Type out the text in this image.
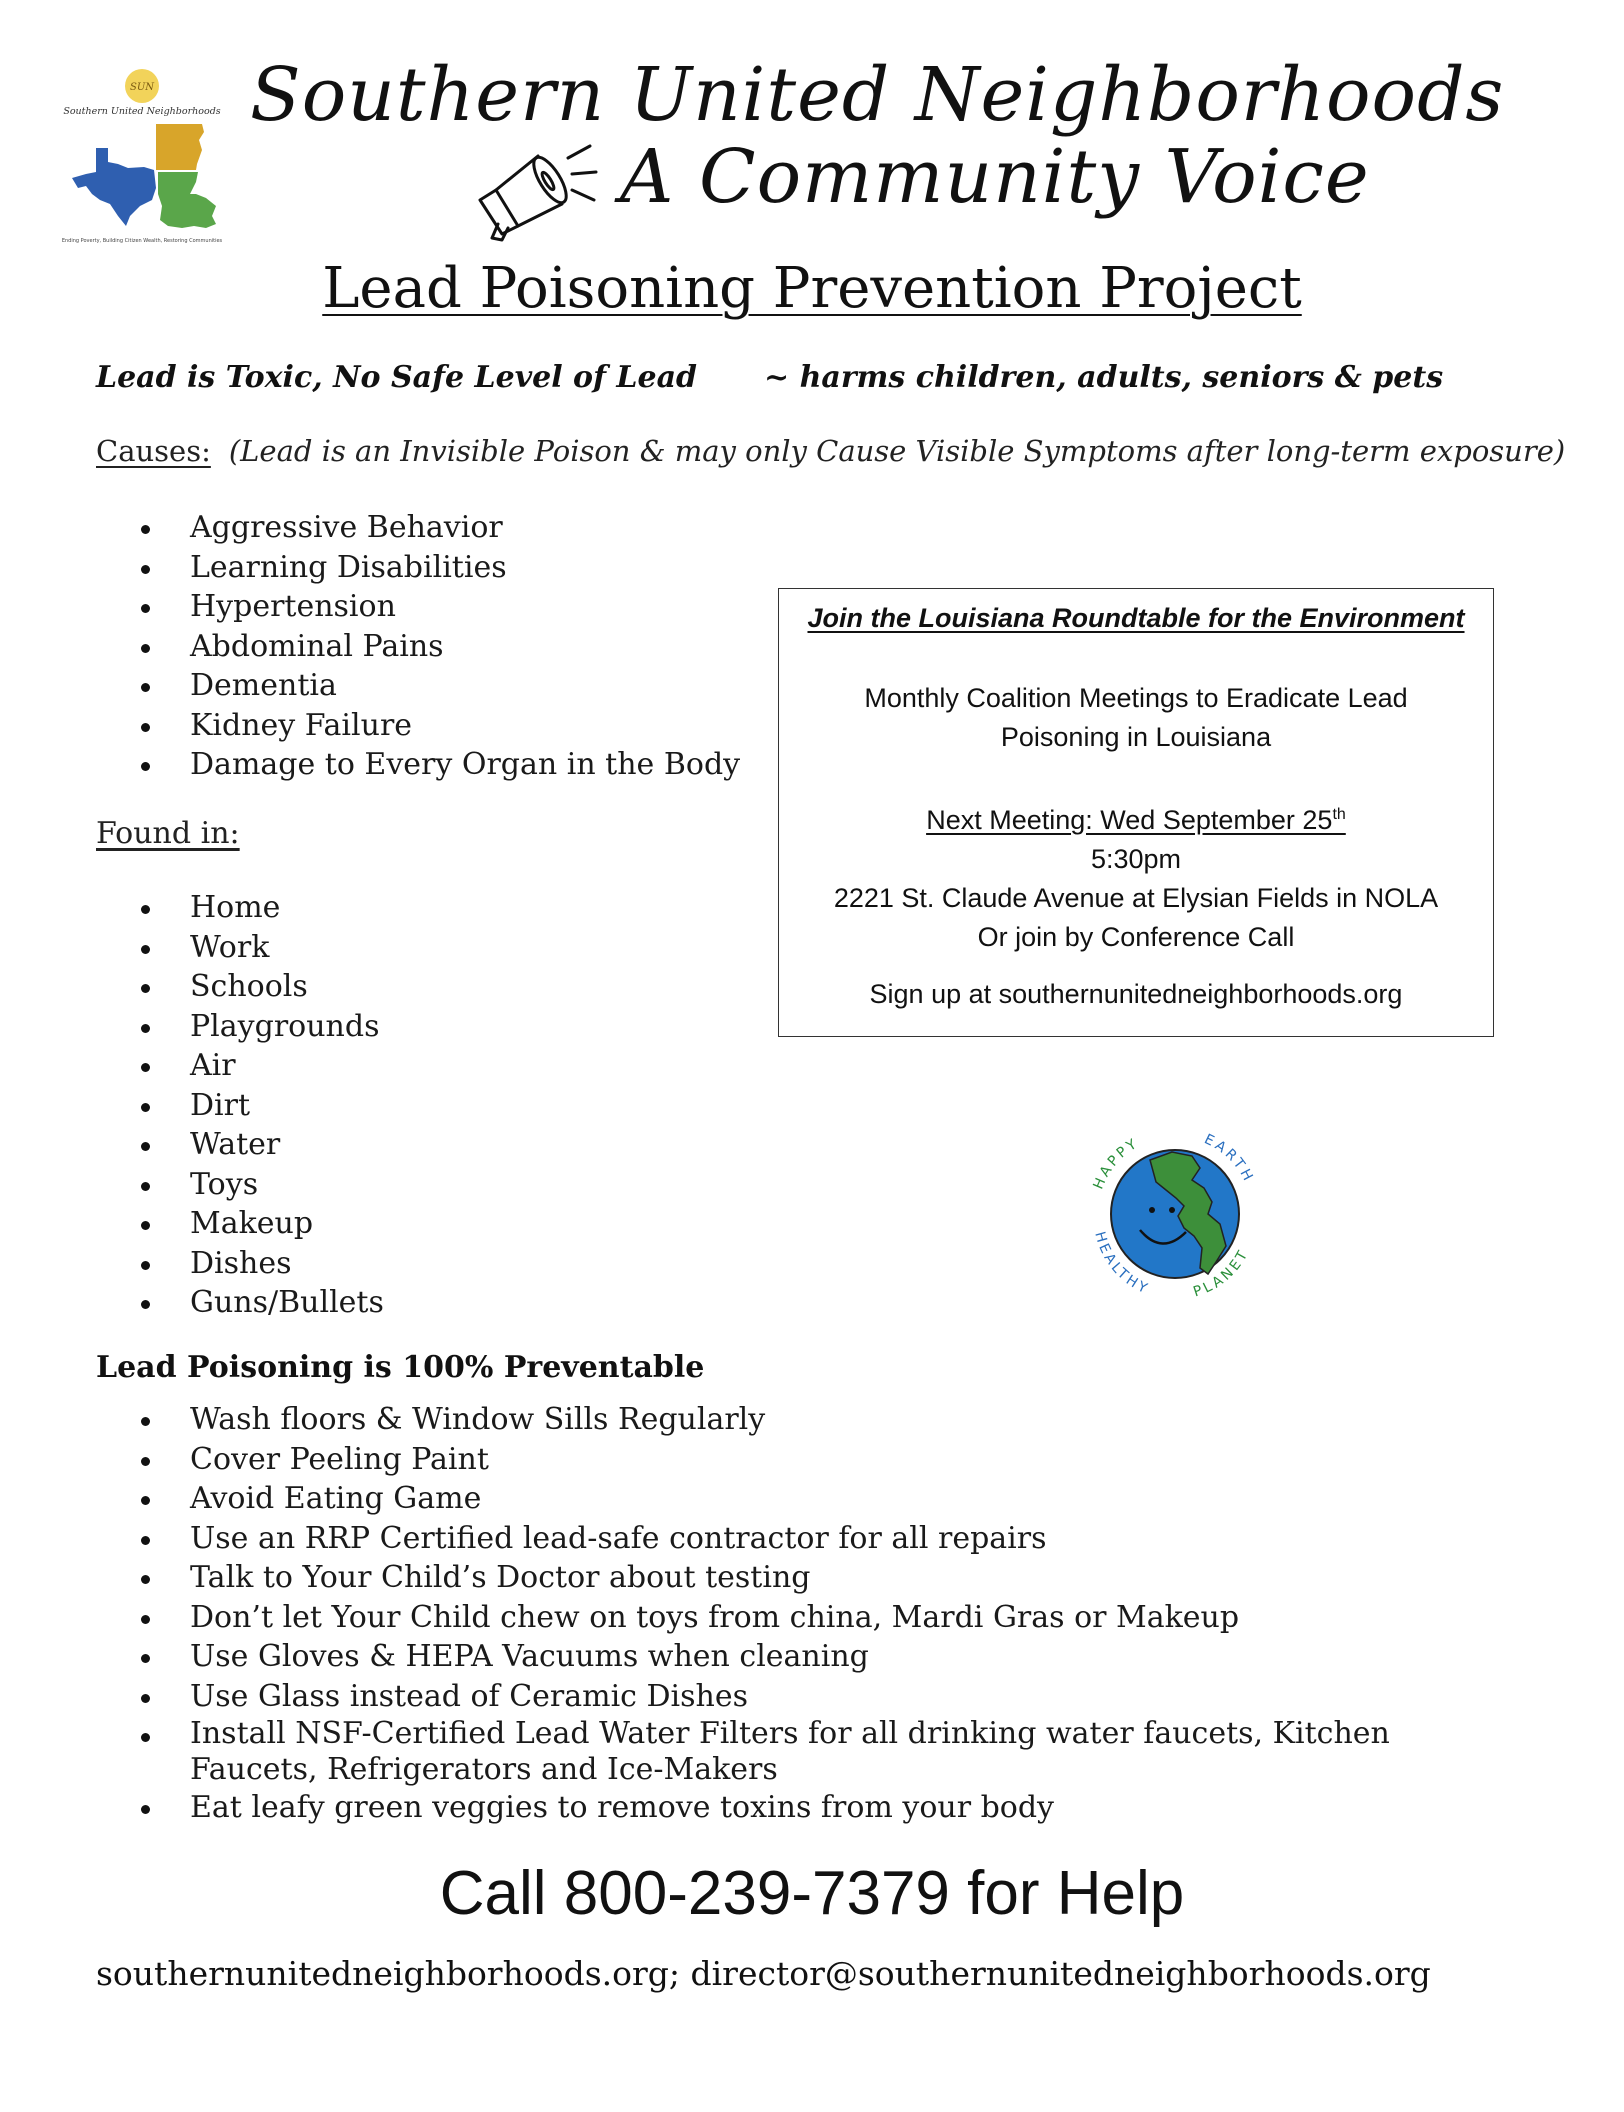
SUN
Southern United Neighborhoods
Ending Poverty, Building Citizen Wealth, Restoring Communities
Southern United Neighborhoods
A Community Voice
Lead Poisoning Prevention Project
Lead is Toxic, No Safe Level of Lead ~ harms children, adults, seniors & pets
Causes: (Lead is an Invisible Poison & may only Cause Visible Symptoms after long-term exposure)
Aggressive Behavior
Learning Disabilities
Hypertension
Abdominal Pains
Dementia
Kidney Failure
Damage to Every Organ in the Body
Found in:
Home
Work
Schools
Playgrounds
Air
Dirt
Water
Toys
Makeup
Dishes
Guns/Bullets
Join the Louisiana Roundtable for the Environment
Monthly Coalition Meetings to Eradicate Lead
Poisoning in Louisiana
Next Meeting: Wed September 25th
5:30pm
2221 St. Claude Avenue at Elysian Fields in NOLA
Or join by Conference Call
Sign up at southernunitedneighborhoods.org
HAPPY	EARTH
HEALTHY	PLANET
Lead Poisoning is 100% Preventable
Wash floors & Window Sills Regularly
Cover Peeling Paint
Avoid Eating Game
Use an RRP Certified lead-safe contractor for all repairs
Talk to Your Child’s Doctor about testing
Don’t let Your Child chew on toys from china, Mardi Gras or Makeup
Use Gloves & HEPA Vacuums when cleaning
Use Glass instead of Ceramic Dishes
Install NSF-Certified Lead Water Filters for all drinking water faucets, Kitchen
Faucets, Refrigerators and Ice-Makers
Eat leafy green veggies to remove toxins from your body
Call 800-239-7379 for Help
southernunitedneighborhoods.org; director@southernunitedneighborhoods.org
